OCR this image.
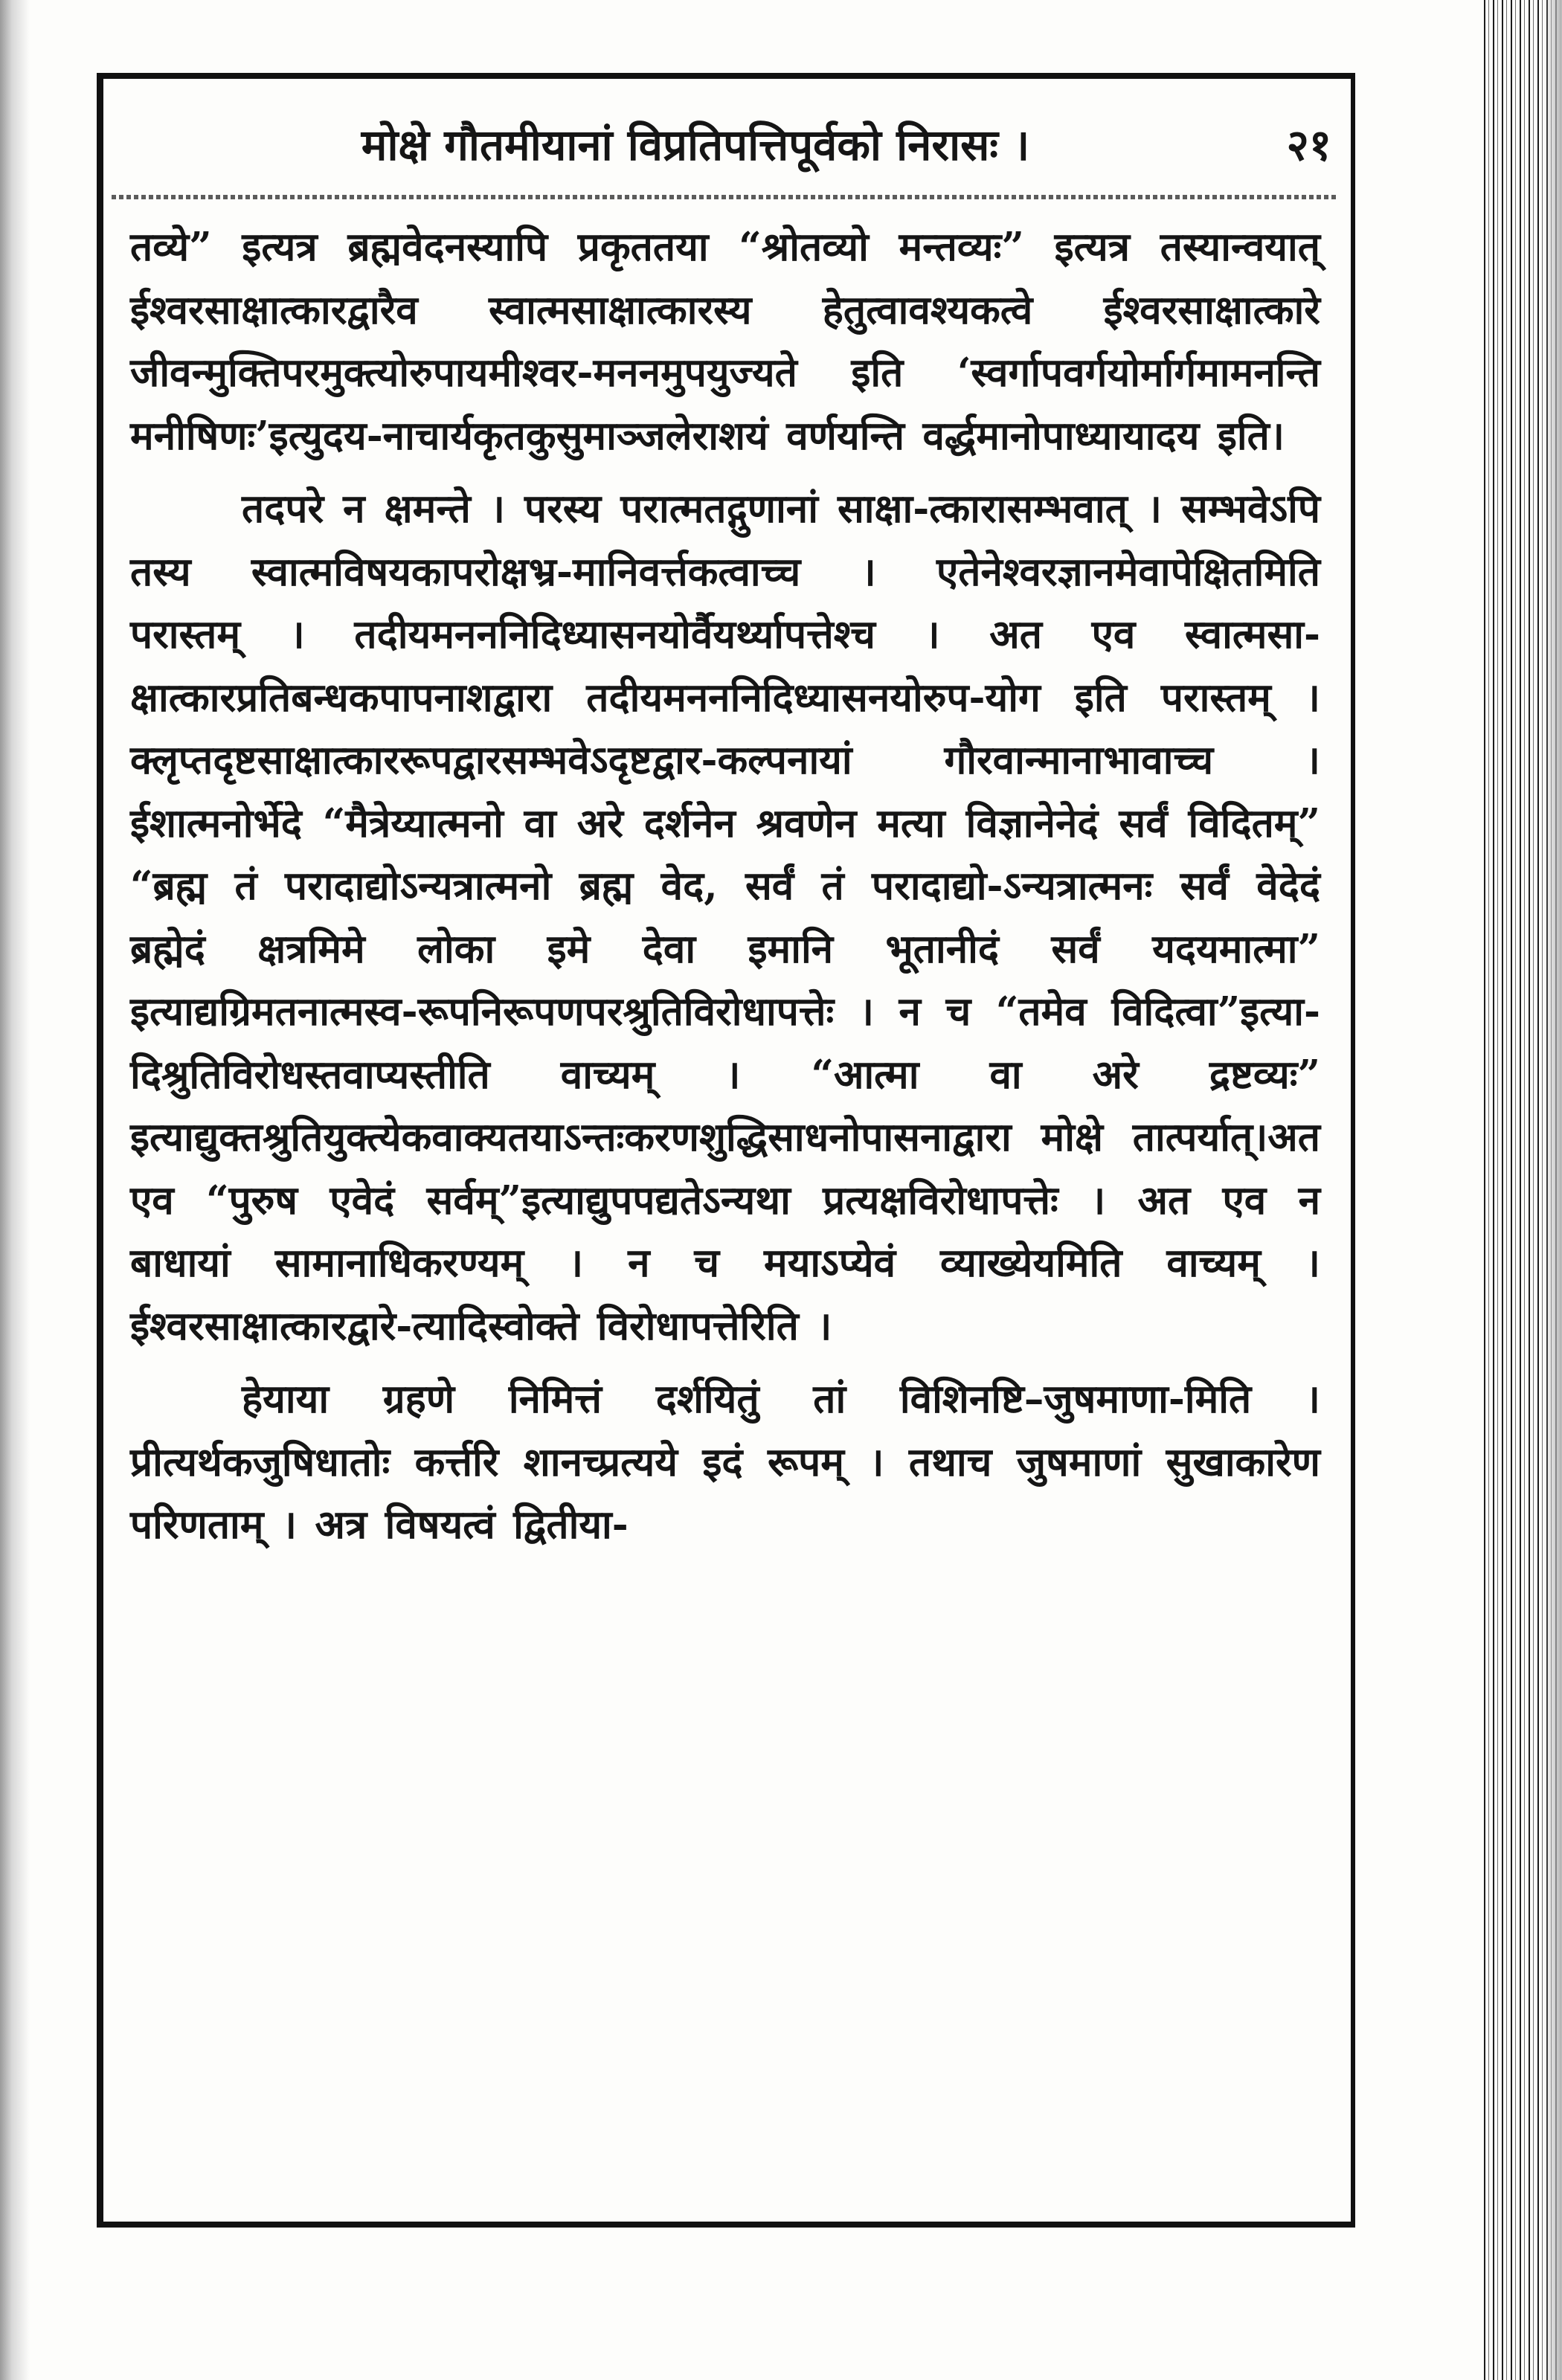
मोक्षे गौतमीयानां विप्रतिपत्तिपूर्वको निरासः ।	२१

तव्ये” इत्यत्र ब्रह्मवेदनस्यापि प्रकृततया “श्रोतव्यो मन्तव्यः” इत्यत्र तस्यान्वयात् ईश्वरसाक्षात्कारद्वारैव स्वात्मसाक्षात्कारस्य हेतुत्वावश्यकत्वे ईश्वरसाक्षात्कारे जीवन्मुक्तिपरमुक्त्योरुपायमीश्वर-मननमुपयुज्यते इति ‘स्वर्गापवर्गयोर्मार्गमामनन्ति मनीषिणः’इत्युदय-नाचार्यकृतकुसुमाञ्जलेराशयं वर्णयन्ति वर्द्धमानोपाध्यायादय इति।

तदपरे न क्षमन्ते । परस्य परात्मतद्गुणानां साक्षा-त्कारासम्भवात् । सम्भवेऽपि तस्य स्वात्मविषयकापरोक्षभ्र-मानिवर्त्तकत्वाच्च । एतेनेश्वरज्ञानमेवापेक्षितमिति परास्तम् । तदीयमनननिदिध्यासनयोर्वैयर्थ्यापत्तेश्च । अत एव स्वात्मसा-क्षात्कारप्रतिबन्धकपापनाशद्वारा तदीयमनननिदिध्यासनयोरुप-योग इति परास्तम् । क्लृप्तदृष्टसाक्षात्काररूपद्वारसम्भवेऽदृष्टद्वार-कल्पनायां गौरवान्मानाभावाच्च । ईशात्मनोर्भेदे “मैत्रेय्यात्मनो वा अरे दर्शनेन श्रवणेन मत्या विज्ञानेनेदं सर्वं विदितम्” “ब्रह्म तं परादाद्योऽन्यत्रात्मनो ब्रह्म वेद, सर्वं तं परादाद्यो-ऽन्यत्रात्मनः सर्वं वेदेदं ब्रह्मेदं क्षत्रमिमे लोका इमे देवा इमानि भूतानीदं सर्वं यदयमात्मा” इत्याद्यग्रिमतनात्मस्व-रूपनिरूपणपरश्रुतिविरोधापत्तेः । न च “तमेव विदित्वा”इत्या-दिश्रुतिविरोधस्तवाप्यस्तीति वाच्यम् । “आत्मा वा अरे द्रष्टव्यः” इत्याद्युक्तश्रुतियुक्त्येकवाक्यतयाऽन्तःकरणशुद्धिसाधनोपासनाद्वारा मोक्षे तात्पर्यात्।अत एव “पुरुष एवेदं सर्वम्”इत्याद्युपपद्यतेऽन्यथा प्रत्यक्षविरोधापत्तेः । अत एव न बाधायां सामानाधिकरण्यम् । न च मयाऽप्येवं व्याख्येयमिति वाच्यम् । ईश्वरसाक्षात्कारद्वारे-त्यादिस्वोक्ते विरोधापत्तेरिति ।

हेयाया ग्रहणे निमित्तं दर्शयितुं तां विशिनष्टि–जुषमाणा-मिति । प्रीत्यर्थकजुषिधातोः कर्त्तरि शानच्प्रत्यये इदं रूपम् । तथाच जुषमाणां सुखाकारेण परिणताम् । अत्र विषयत्वं द्वितीया-
